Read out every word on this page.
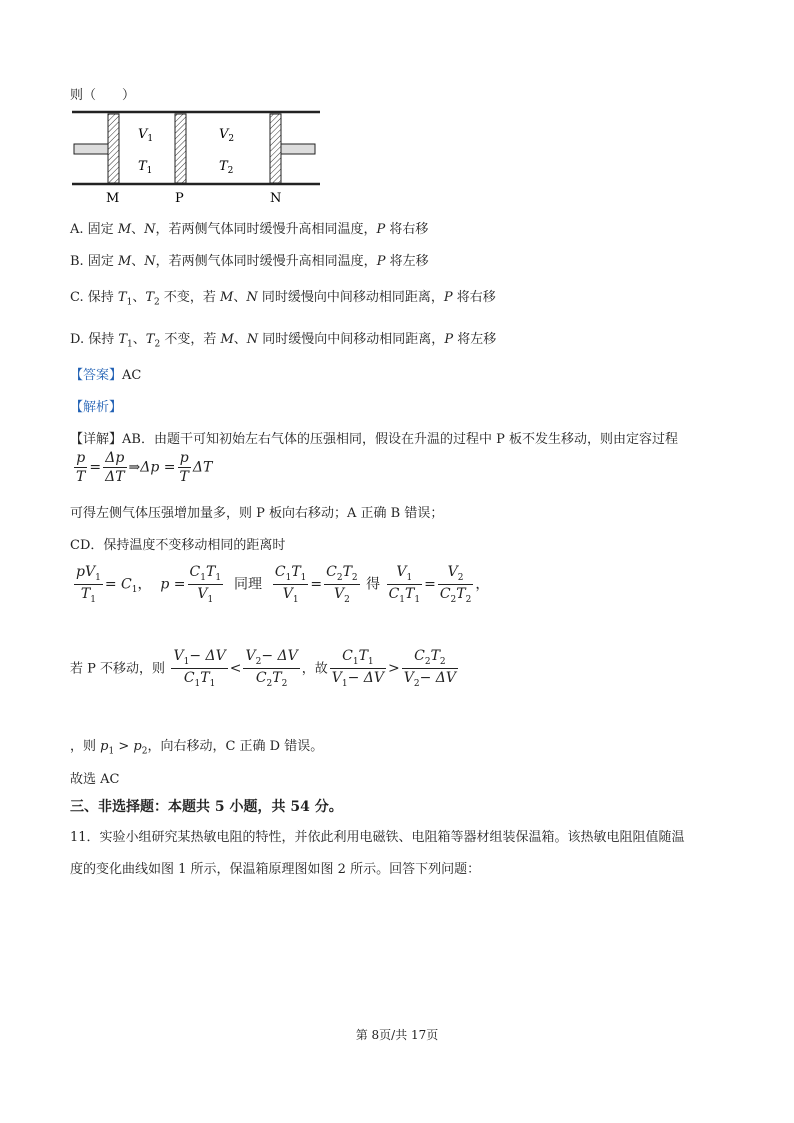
则（　　）
$V_1$
$T_1$
$V_2$
$T_2$
M	P	N
A. 固定 M、N，若两侧气体同时缓慢升高相同温度，P 将右移
B. 固定 M、N，若两侧气体同时缓慢升高相同温度，P 将左移
C. 保持 $T_1$、$T_2$ 不变，若 M、N 同时缓慢向中间移动相同距离，P 将右移
D. 保持 $T_1$、$T_2$ 不变，若 M、N 同时缓慢向中间移动相同距离，P 将左移
【答案】AC
【解析】
【详解】AB．由题干可知初始左右气体的压强相同，假设在升温的过程中 P 板不发生移动，则由定容过程
$\frac{p}{T} = \frac{\Delta p}{\Delta T}$ ⇒Δp = $\frac{p}{T}$ ΔT
可得左侧气体压强增加量多，则 P 板向右移动；A 正确 B 错误；
CD．保持温度不变移动相同的距离时
$\frac{pV_1}{T_1} = C_1$， $p = \frac{C_1T_1}{V_1}$ 同理 $\frac{C_1T_1}{V_1} = \frac{C_2T_2}{V_2}$ 得 $\frac{V_1}{C_1T_1} = \frac{V_2}{C_2T_2}$ ，
若 P 不移动，则 $\frac{V_1- \Delta V}{C_1T_1} < \frac{V_2- \Delta V}{C_2T_2}$ ，故 $\frac{C_1T_1}{V_1- \Delta V} > \frac{C_2T_2}{V_2- \Delta V}$
，则 $p_1 > p_2$，向右移动，C 正确 D 错误。
故选 AC
三、非选择题：本题共 5 小题，共 54 分。
11．实验小组研究某热敏电阻的特性，并依此利用电磁铁、电阻箱等器材组装保温箱。该热敏电阻阻值随温
度的变化曲线如图 1 所示，保温箱原理图如图 2 所示。回答下列问题：
第 8页/共 17页
